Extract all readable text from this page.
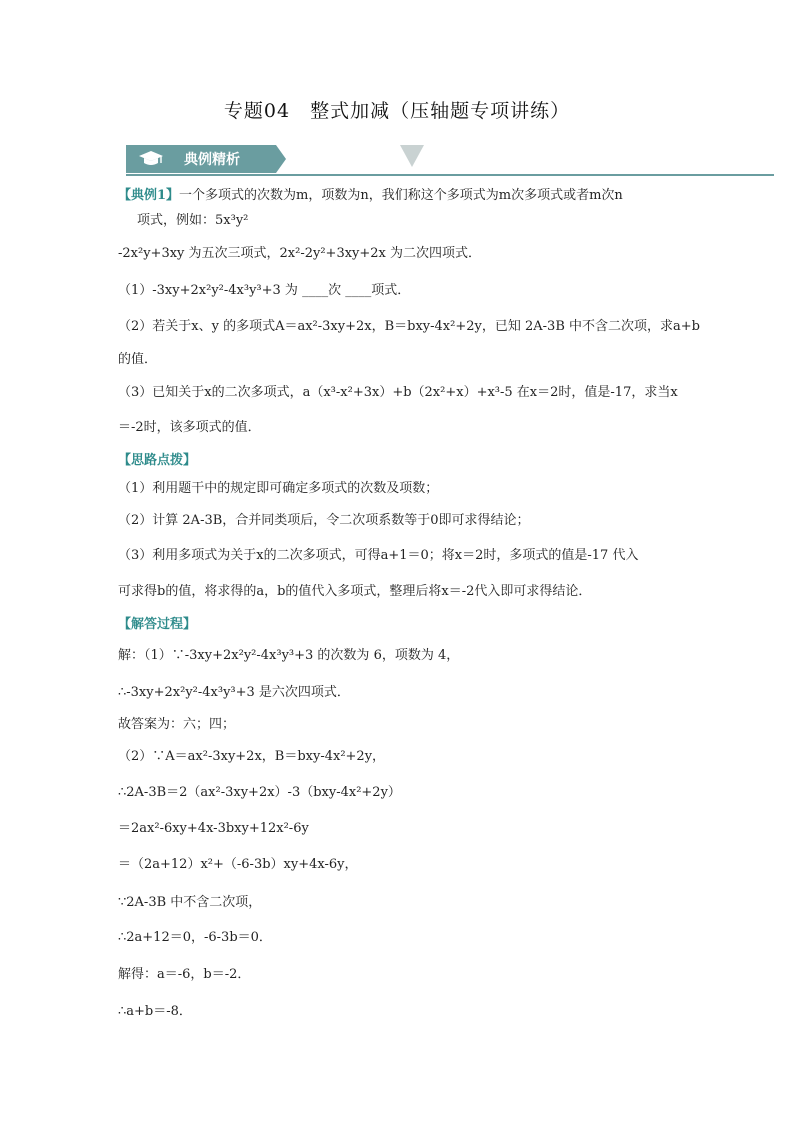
专题04　整式加减（压轴题专项讲练）
典例精析
【典例1】一个多项式的次数为m，项数为n，我们称这个多项式为m次多项式或者m次n
项式，例如：5x³y²
-2x²y+3xy 为五次三项式，2x²-2y²+3xy+2x 为二次四项式．
（1）-3xy+2x²y²-4x³y³+3 为 ____次 ____项式．
（2）若关于x、y 的多项式A＝ax²-3xy+2x，B＝bxy-4x²+2y，已知 2A-3B 中不含二次项，求a+b
的值．
（3）已知关于x的二次多项式，a（x³-x²+3x）+b（2x²+x）+x³-5 在x＝2时，值是-17，求当x
＝-2时，该多项式的值．
【思路点拨】
（1）利用题干中的规定即可确定多项式的次数及项数；
（2）计算 2A-3B，合并同类项后，令二次项系数等于0即可求得结论；
（3）利用多项式为关于x的二次多项式，可得a+1＝0；将x＝2时，多项式的值是-17 代入
可求得b的值，将求得的a，b的值代入多项式，整理后将x＝-2代入即可求得结论．
【解答过程】
解：（1）∵-3xy+2x²y²-4x³y³+3 的次数为 6，项数为 4，
∴-3xy+2x²y²-4x³y³+3 是六次四项式．
故答案为：六；四；
（2）∵A＝ax²-3xy+2x，B＝bxy-4x²+2y，
∴2A-3B＝2（ax²-3xy+2x）-3（bxy-4x²+2y）
＝2ax²-6xy+4x-3bxy+12x²-6y
＝（2a+12）x²+（-6-3b）xy+4x-6y，
∵2A-3B 中不含二次项，
∴2a+12＝0，-6-3b＝0．
解得：a＝-6，b＝-2．
∴a+b＝-8．
